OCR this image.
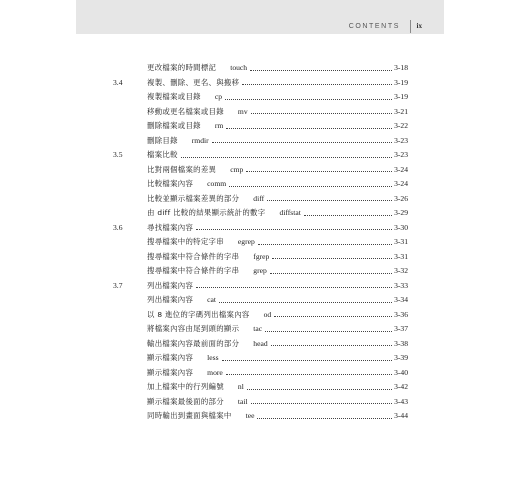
CONTENTS ix
更改檔案的時間標記 touch	3-18
3.4	複製、刪除、更名、與搬移	3-19
複製檔案或目錄 cp	3-19
移動或更名檔案或目錄 mv	3-21
刪除檔案或目錄 rm	3-22
刪除目錄 rmdir	3-23
3.5	檔案比較	3-23
比對兩個檔案的差異 cmp	3-24
比較檔案內容 comm	3-24
比較並顯示檔案差異的部分 diff	3-26
由 diff 比較的結果顯示統計的數字 diffstat	3-29
3.6	尋找檔案內容	3-30
搜尋檔案中的特定字串 egrep	3-31
搜尋檔案中符合條件的字串 fgrep	3-31
搜尋檔案中符合條件的字串 grep	3-32
3.7	列出檔案內容	3-33
列出檔案內容 cat	3-34
以 8 進位的字碼列出檔案內容 od	3-36
將檔案內容由尾到頭的顯示 tac	3-37
輸出檔案內容最前面的部分 head	3-38
顯示檔案內容 less	3-39
顯示檔案內容 more	3-40
加上檔案中的行列編號 nl	3-42
顯示檔案最後面的部分 tail	3-43
同時輸出到畫面與檔案中 tee	3-44
